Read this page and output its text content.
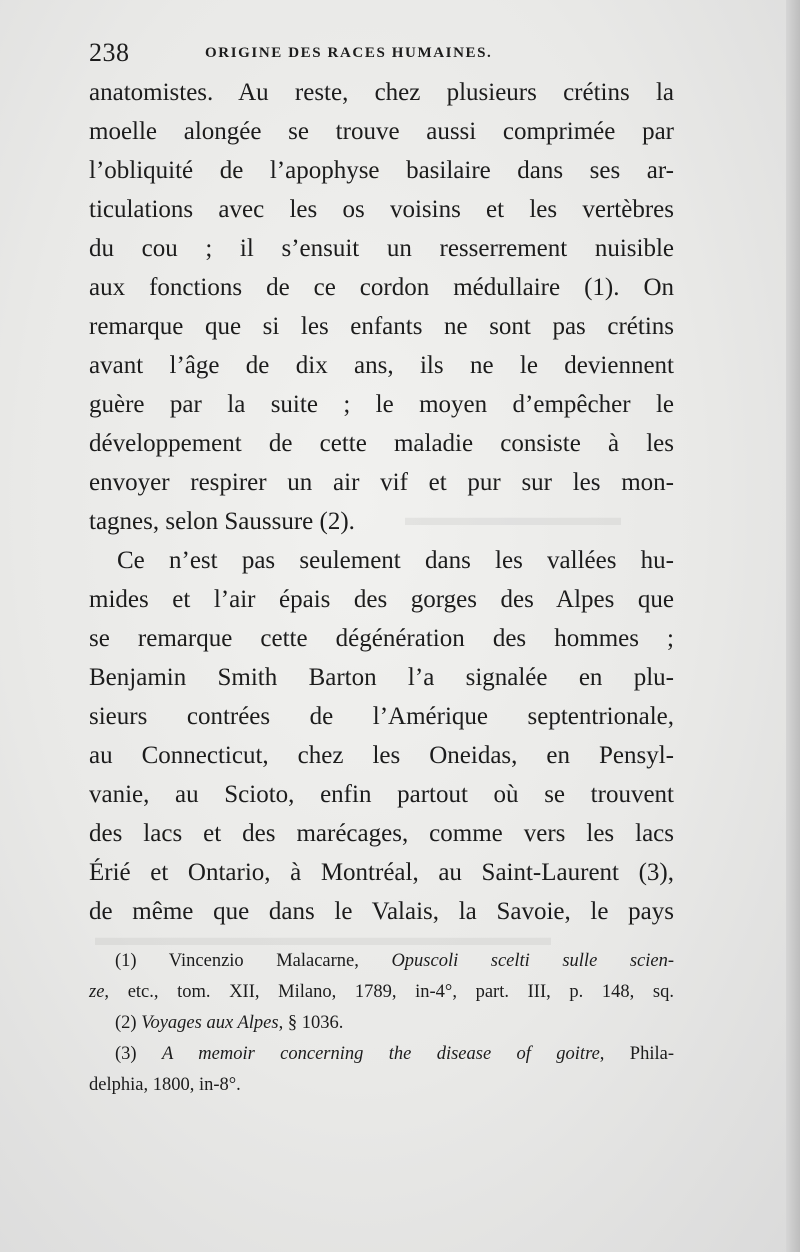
▬▬▬▬▬▬▬▬▬
▬▬▬▬▬▬▬▬▬▬▬▬▬▬▬▬▬▬▬
238	ORIGINE DES RACES HUMAINES.
anatomistes. Au reste, chez plusieurs crétins la
moelle alongée se trouve aussi comprimée par
l’obliquité de l’apophyse basilaire dans ses ar-
ticulations avec les os voisins et les vertèbres
du cou ; il s’ensuit un resserrement nuisible
aux fonctions de ce cordon médullaire (1). On
remarque que si les enfants ne sont pas crétins
avant l’âge de dix ans, ils ne le deviennent
guère par la suite ; le moyen d’empêcher le
développement de cette maladie consiste à les
envoyer respirer un air vif et pur sur les mon-
tagnes, selon Saussure (2).
Ce n’est pas seulement dans les vallées hu-
mides et l’air épais des gorges des Alpes que
se remarque cette dégénération des hommes ;
Benjamin Smith Barton l’a signalée en plu-
sieurs contrées de l’Amérique septentrionale,
au Connecticut, chez les Oneidas, en Pensyl-
vanie, au Scioto, enfin partout où se trouvent
des lacs et des marécages, comme vers les lacs
Érié et Ontario, à Montréal, au Saint-Laurent (3),
de même que dans le Valais, la Savoie, le pays
(1) Vincenzio Malacarne, Opuscoli scelti sulle scien-
ze, etc., tom. XII, Milano, 1789, in-4°, part. III, p. 148, sq.
(2) Voyages aux Alpes, § 1036.
(3) A memoir concerning the disease of goitre, Phila-
delphia, 1800, in-8°.
